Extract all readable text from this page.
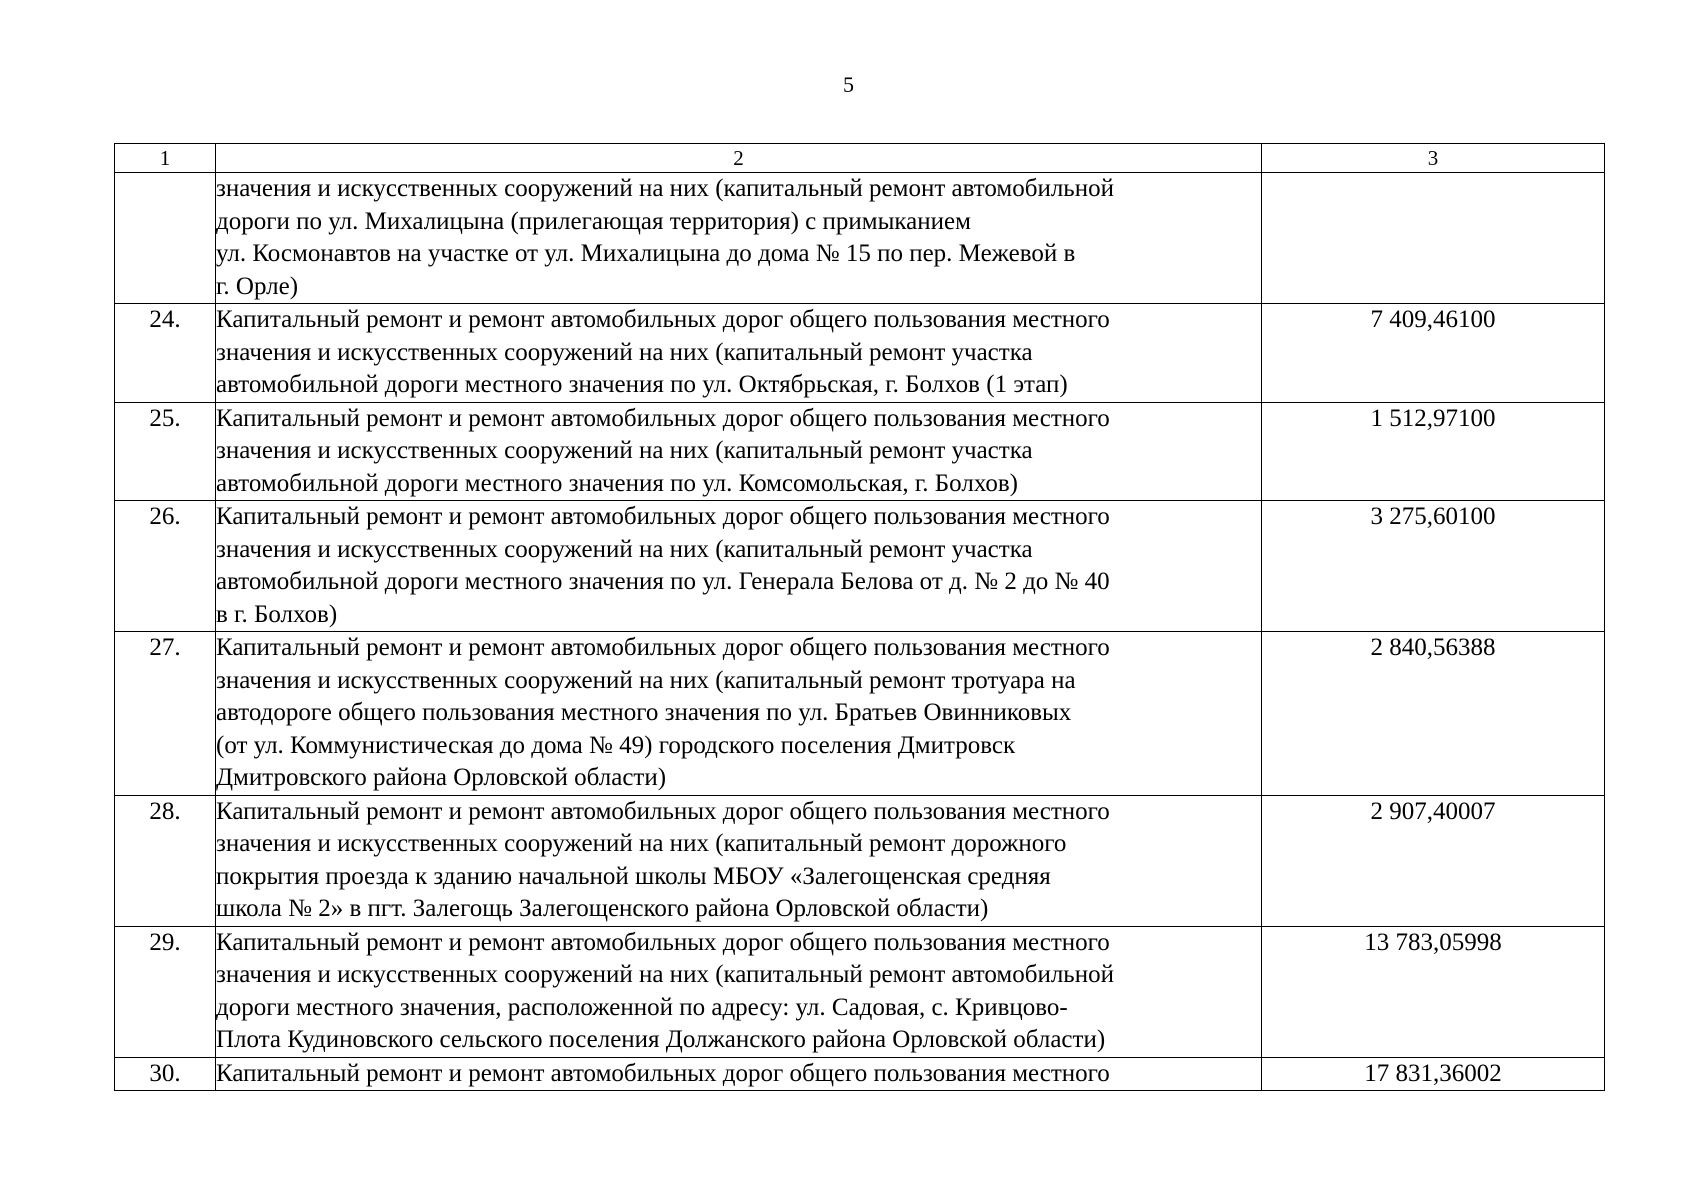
5
1	2	3
	значения и искусственных сооружений на них (капитальный ремонт автомобильной
дороги по ул. Михалицына (прилегающая территория) с примыканием
ул. Космонавтов на участке от ул. Михалицына до дома № 15 по пер. Межевой в
г. Орле)	
24.	Капитальный ремонт и ремонт автомобильных дорог общего пользования местного
значения и искусственных сооружений на них (капитальный ремонт участка
автомобильной дороги местного значения по ул. Октябрьская, г. Болхов (1 этап)	7 409,46100
25.	Капитальный ремонт и ремонт автомобильных дорог общего пользования местного
значения и искусственных сооружений на них (капитальный ремонт участка
автомобильной дороги местного значения по ул. Комсомольская, г. Болхов)	1 512,97100
26.	Капитальный ремонт и ремонт автомобильных дорог общего пользования местного
значения и искусственных сооружений на них (капитальный ремонт участка
автомобильной дороги местного значения по ул. Генерала Белова от д. № 2 до № 40
в г. Болхов)	3 275,60100
27.	Капитальный ремонт и ремонт автомобильных дорог общего пользования местного
значения и искусственных сооружений на них (капитальный ремонт тротуара на
автодороге общего пользования местного значения по ул. Братьев Овинниковых
(от ул. Коммунистическая до дома № 49) городского поселения Дмитровск
Дмитровского района Орловской области)	2 840,56388
28.	Капитальный ремонт и ремонт автомобильных дорог общего пользования местного
значения и искусственных сооружений на них (капитальный ремонт дорожного
покрытия проезда к зданию начальной школы МБОУ «Залегощенская средняя
школа № 2» в пгт. Залегощь Залегощенского района Орловской области)	2 907,40007
29.	Капитальный ремонт и ремонт автомобильных дорог общего пользования местного
значения и искусственных сооружений на них (капитальный ремонт автомобильной
дороги местного значения, расположенной по адресу: ул. Садовая, с. Кривцово-
Плота Кудиновского сельского поселения Должанского района Орловской области)	13 783,05998
30.	Капитальный ремонт и ремонт автомобильных дорог общего пользования местного	17 831,36002
